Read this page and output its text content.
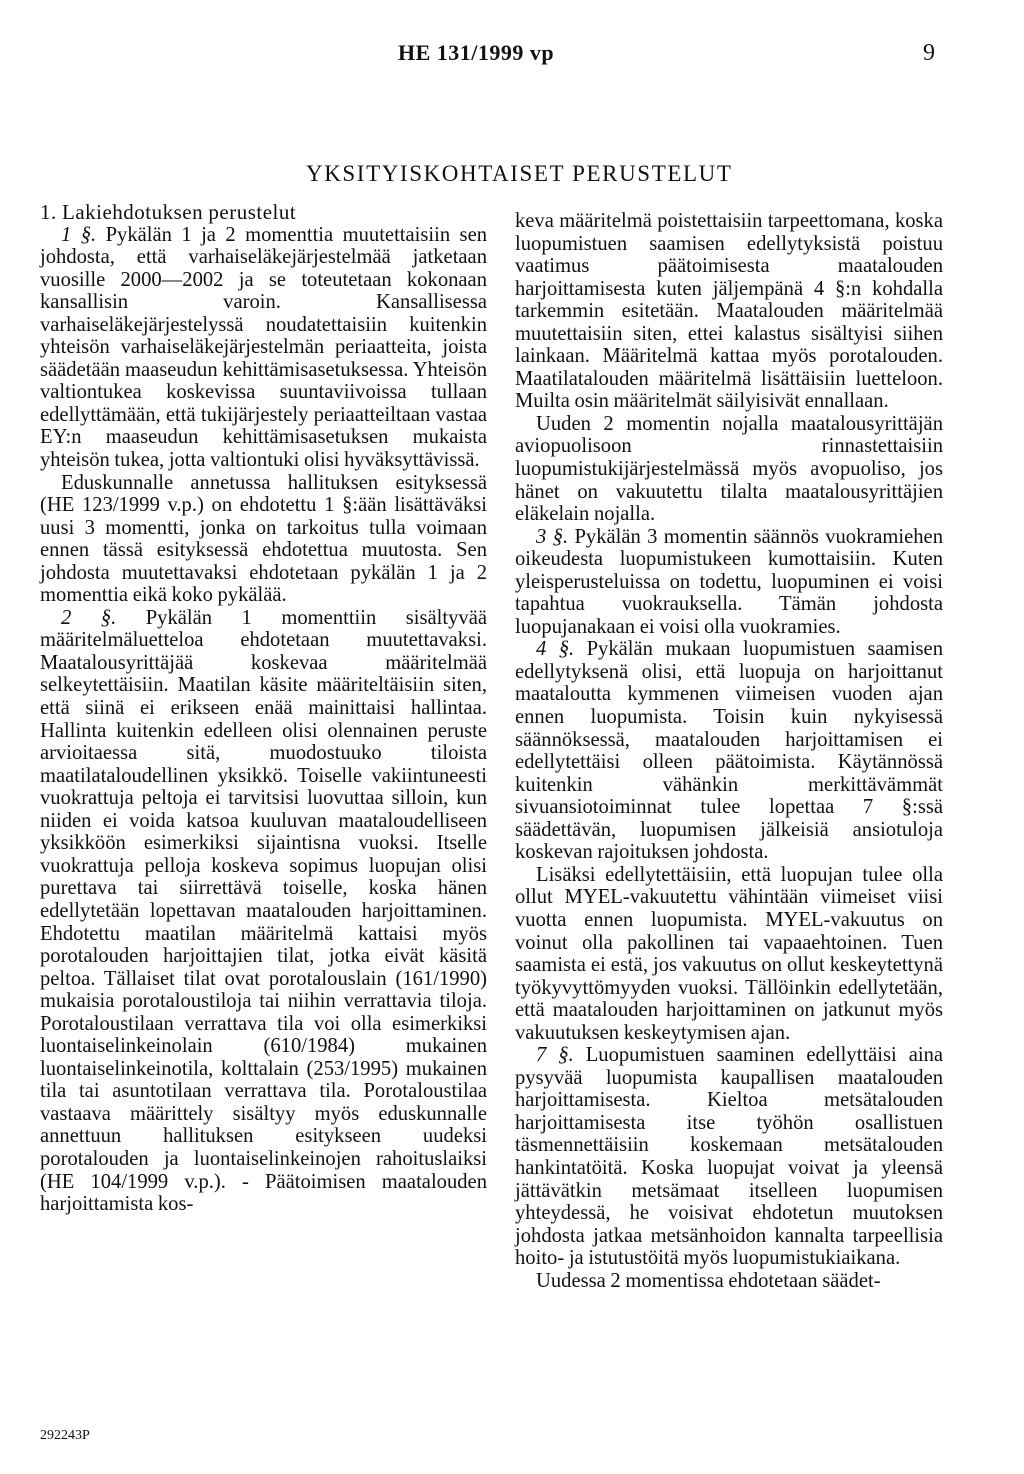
HE 131/1999 vp	9
YKSITYISKOHTAISET PERUSTELUT

1. Lakiehdotuksen perustelut

1 §. Pykälän 1 ja 2 momenttia muutettaisiin sen johdosta, että varhaiseläkejärjestelmää jatketaan vuosille 2000—2002 ja se toteutetaan kokonaan kansallisin varoin. Kansallisessa varhaiseläkejärjestelyssä noudatettaisiin kuitenkin yhteisön varhaiseläkejärjestelmän periaatteita, joista säädetään maaseudun kehittämisasetuksessa. Yhteisön valtiontukea koskevissa suuntaviivoissa tullaan edellyttämään, että tukijärjestely periaatteiltaan vastaa EY:n maaseudun kehittämisasetuksen mukaista yhteisön tukea, jotta valtiontuki olisi hyväksyttävissä.

Eduskunnalle annetussa hallituksen esityksessä (HE 123/1999 v.p.) on ehdotettu 1 §:ään lisättäväksi uusi 3 momentti, jonka on tarkoitus tulla voimaan ennen tässä esityksessä ehdotettua muutosta. Sen johdosta muutettavaksi ehdotetaan pykälän 1 ja 2 momenttia eikä koko pykälää.

2 §. Pykälän 1 momenttiin sisältyvää määritelmäluetteloa ehdotetaan muutettavaksi. Maatalousyrittäjää koskevaa määritelmää selkeytettäisiin. Maatilan käsite määriteltäisiin siten, että siinä ei erikseen enää mainittaisi hallintaa. Hallinta kuitenkin edelleen olisi olennainen peruste arvioitaessa sitä, muodostuuko tiloista maatilataloudellinen yksikkö. Toiselle vakiintuneesti vuokrattuja peltoja ei tarvitsisi luovuttaa silloin, kun niiden ei voida katsoa kuuluvan maataloudelliseen yksikköön esimerkiksi sijaintisna vuoksi. Itselle vuokrattuja pelloja koskeva sopimus luopujan olisi purettava tai siirrettävä toiselle, koska hänen edellytetään lopettavan maatalouden harjoittaminen. Ehdotettu maatilan määritelmä kattaisi myös porotalouden harjoittajien tilat, jotka eivät käsitä peltoa. Tällaiset tilat ovat porotalouslain (161/1990) mukaisia porotaloustiloja tai niihin verrattavia tiloja. Porotaloustilaan verrattava tila voi olla esimerkiksi luontaiselinkeinolain (610/1984) mukainen luontaiselinkeinotila, kolttalain (253/1995) mukainen tila tai asuntotilaan verrattava tila. Porotaloustilaa vastaava määrittely sisältyy myös eduskunnalle annettuun hallituksen esitykseen uudeksi porotalouden ja luontaiselinkeinojen rahoituslaiksi (HE 104/1999 v.p.). - Päätoimisen maatalouden harjoittamista kos-

keva määritelmä poistettaisiin tarpeettomana, koska luopumistuen saamisen edellytyksistä poistuu vaatimus päätoimisesta maatalouden harjoittamisesta kuten jäljempänä 4 §:n kohdalla tarkemmin esitetään. Maatalouden määritelmää muutettaisiin siten, ettei kalastus sisältyisi siihen lainkaan. Määritelmä kattaa myös porotalouden. Maatilatalouden määritelmä lisättäisiin luetteloon. Muilta osin määritelmät säilyisivät ennallaan.

Uuden 2 momentin nojalla maatalousyrittäjän aviopuolisoon rinnastettaisiin luopumistukijärjestelmässä myös avopuoliso, jos hänet on vakuutettu tilalta maatalousyrittäjien eläkelain nojalla.

3 §. Pykälän 3 momentin säännös vuokramiehen oikeudesta luopumistukeen kumottaisiin. Kuten yleisperusteluissa on todettu, luopuminen ei voisi tapahtua vuokrauksella. Tämän johdosta luopujanakaan ei voisi olla vuokramies.

4 §. Pykälän mukaan luopumistuen saamisen edellytyksenä olisi, että luopuja on harjoittanut maataloutta kymmenen viimeisen vuoden ajan ennen luopumista. Toisin kuin nykyisessä säännöksessä, maatalouden harjoittamisen ei edellytettäisi olleen päätoimista. Käytännössä kuitenkin vähänkin merkittävämmät sivuansiotoiminnat tulee lopettaa 7 §:ssä säädettävän, luopumisen jälkeisiä ansiotuloja koskevan rajoituksen johdosta.

Lisäksi edellytettäisiin, että luopujan tulee olla ollut MYEL-vakuutettu vähintään viimeiset viisi vuotta ennen luopumista. MYEL-vakuutus on voinut olla pakollinen tai vapaaehtoinen. Tuen saamista ei estä, jos vakuutus on ollut keskeytettynä työkyvyttömyyden vuoksi. Tällöinkin edellytetään, että maatalouden harjoittaminen on jatkunut myös vakuutuksen keskeytymisen ajan.

7 §. Luopumistuen saaminen edellyttäisi aina pysyvää luopumista kaupallisen maatalouden harjoittamisesta. Kieltoa metsätalouden harjoittamisesta itse työhön osallistuen täsmennettäisiin koskemaan metsätalouden hankintatöitä. Koska luopujat voivat ja yleensä jättävätkin metsämaat itselleen luopumisen yhteydessä, he voisivat ehdotetun muutoksen johdosta jatkaa metsänhoidon kannalta tarpeellisia hoito- ja istutustöitä myös luopumistukiaikana.

Uudessa 2 momentissa ehdotetaan säädet-

292243P
